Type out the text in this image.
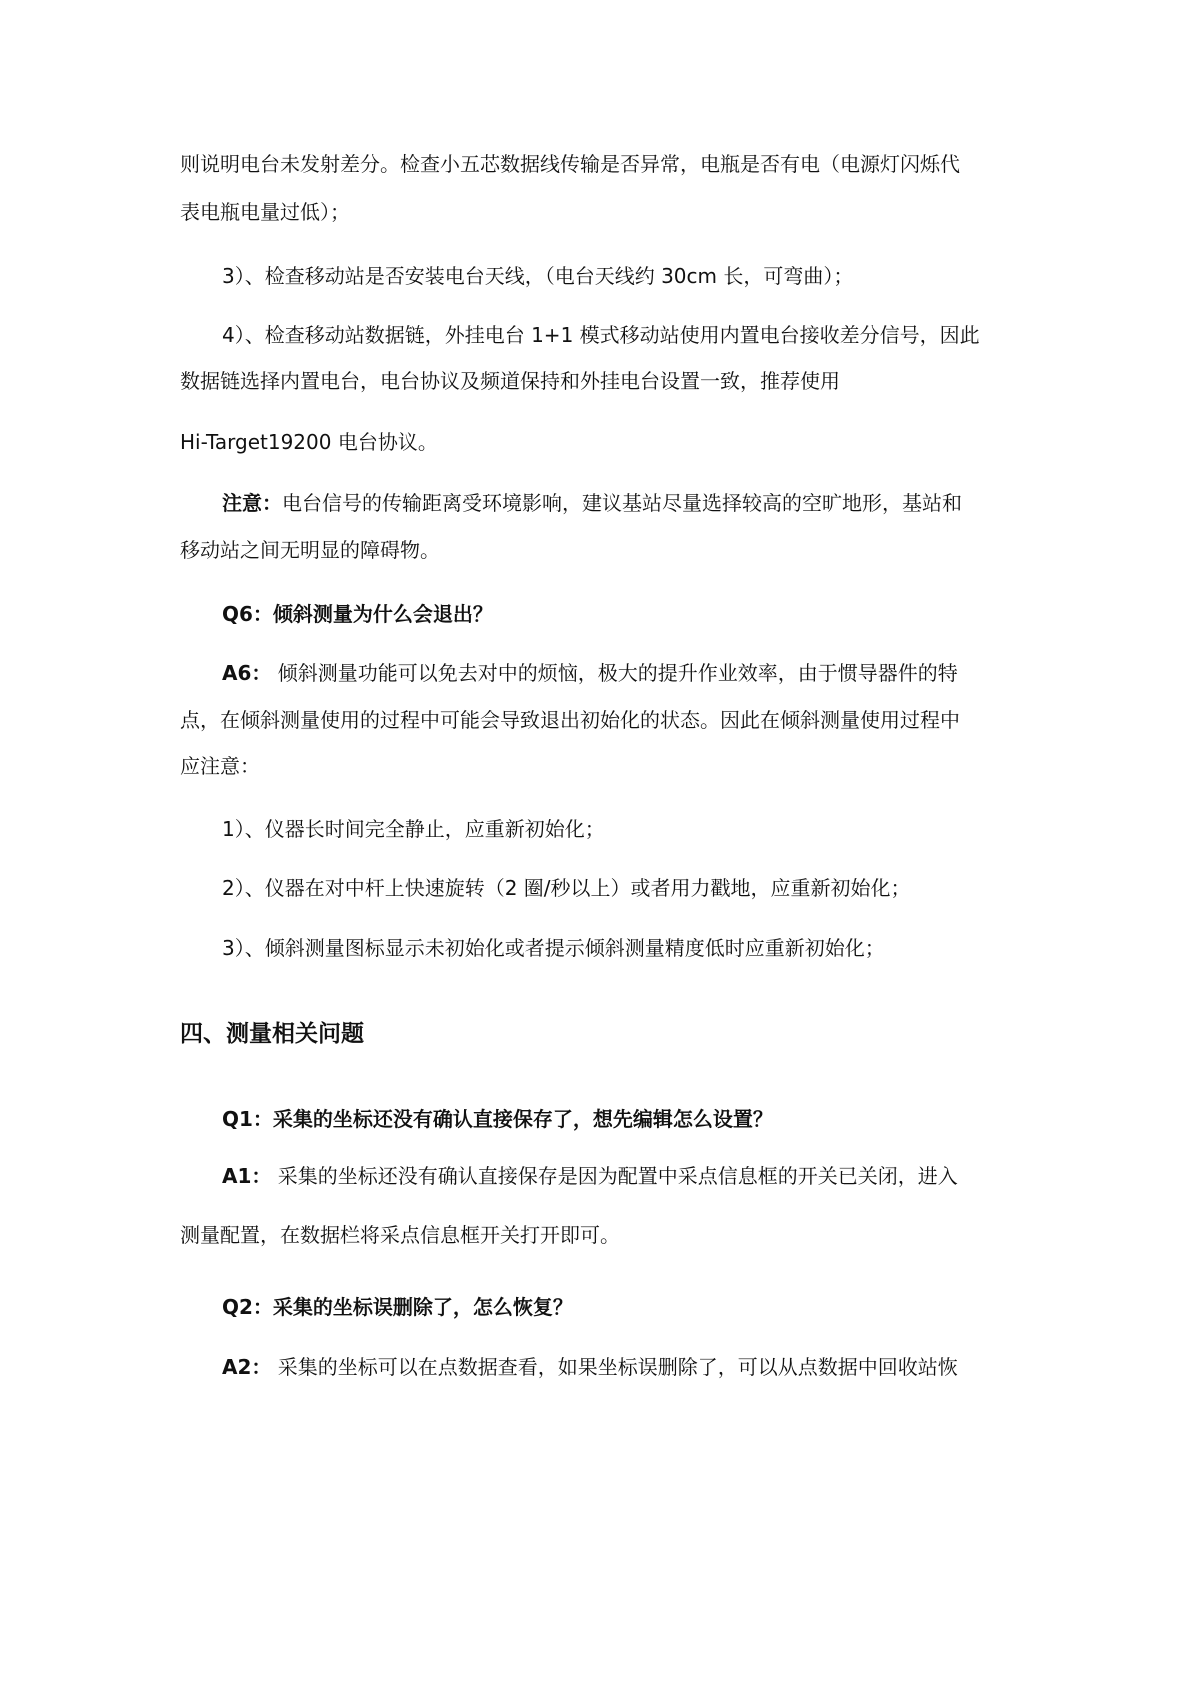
则说明电台未发射差分。检查小五芯数据线传输是否异常，电瓶是否有电（电源灯闪烁代

表电瓶电量过低）；

3）、检查移动站是否安装电台天线，（电台天线约 30cm 长，可弯曲）；

4）、检查移动站数据链，外挂电台 1+1 模式移动站使用内置电台接收差分信号，因此

数据链选择内置电台，电台协议及频道保持和外挂电台设置一致，推荐使用

Hi-Target19200 电台协议。

注意：电台信号的传输距离受环境影响，建议基站尽量选择较高的空旷地形，基站和

移动站之间无明显的障碍物。

Q6：倾斜测量为什么会退出？

A6： 倾斜测量功能可以免去对中的烦恼，极大的提升作业效率，由于惯导器件的特

点，在倾斜测量使用的过程中可能会导致退出初始化的状态。因此在倾斜测量使用过程中

应注意：

1）、仪器长时间完全静止，应重新初始化；

2）、仪器在对中杆上快速旋转（2 圈/秒以上）或者用力戳地，应重新初始化；

3）、倾斜测量图标显示未初始化或者提示倾斜测量精度低时应重新初始化；

四、测量相关问题

Q1：采集的坐标还没有确认直接保存了，想先编辑怎么设置？

A1： 采集的坐标还没有确认直接保存是因为配置中采点信息框的开关已关闭，进入

测量配置，在数据栏将采点信息框开关打开即可。

Q2：采集的坐标误删除了，怎么恢复？

A2： 采集的坐标可以在点数据查看，如果坐标误删除了，可以从点数据中回收站恢
